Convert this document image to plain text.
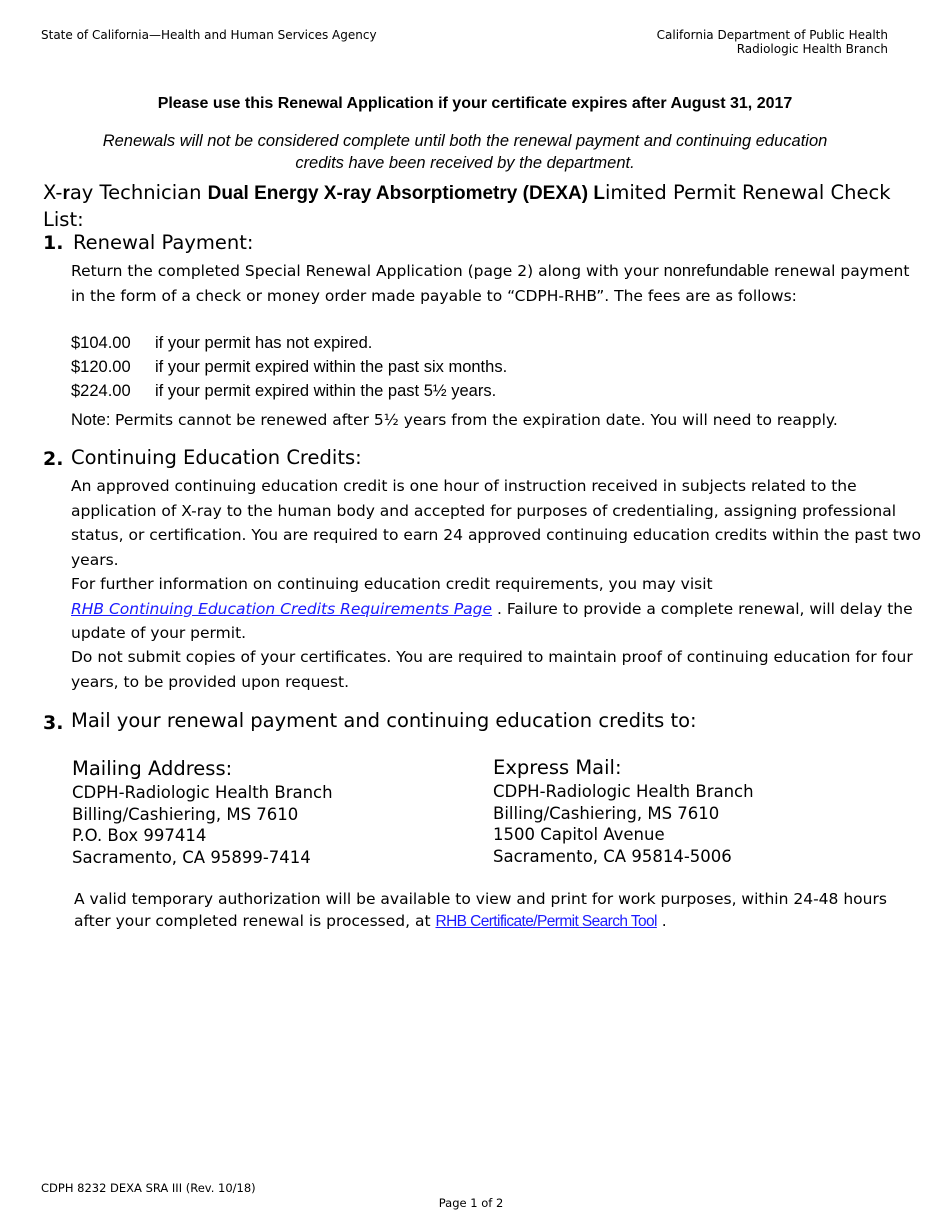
State of California—Health and Human Services Agency	California Department of Public Health
Radiologic Health Branch
Please use this Renewal Application if your certificate expires after August 31, 2017
Renewals will not be considered complete until both the renewal payment and continuing education credits have been received by the department.
X-ray Technician Dual Energy X-ray Absorptiometry (DEXA) Limited Permit Renewal Check List:
1. Renewal Payment:
Return the completed Special Renewal Application (page 2) along with your nonrefundable renewal payment in the form of a check or money order made payable to “CDPH-RHB”. The fees are as follows:
$104.00	if your permit has not expired.
$120.00	if your permit expired within the past six months.
$224.00	if your permit expired within the past 5½ years.
Note: Permits cannot be renewed after 5½ years from the expiration date. You will need to reapply.
2. Continuing Education Credits:
An approved continuing education credit is one hour of instruction received in subjects related to the application of X-ray to the human body and accepted for purposes of credentialing, assigning professional status, or certification. You are required to earn 24 approved continuing education credits within the past two years.
For further information on continuing education credit requirements, you may visit
RHB Continuing Education Credits Requirements Page . Failure to provide a complete renewal, will delay the update of your permit.
Do not submit copies of your certificates. You are required to maintain proof of continuing education for four years, to be provided upon request.
3. Mail your renewal payment and continuing education credits to:
Mailing Address:
CDPH-Radiologic Health Branch
Billing/Cashiering, MS 7610
P.O. Box 997414
Sacramento, CA 95899-7414
Express Mail:
CDPH-Radiologic Health Branch
Billing/Cashiering, MS 7610
1500 Capitol Avenue
Sacramento, CA 95814-5006
A valid temporary authorization will be available to view and print for work purposes, within 24-48 hours after your completed renewal is processed, at RHB Certificate/Permit Search Tool .
CDPH 8232 DEXA SRA III (Rev. 10/18)
Page 1 of 2
